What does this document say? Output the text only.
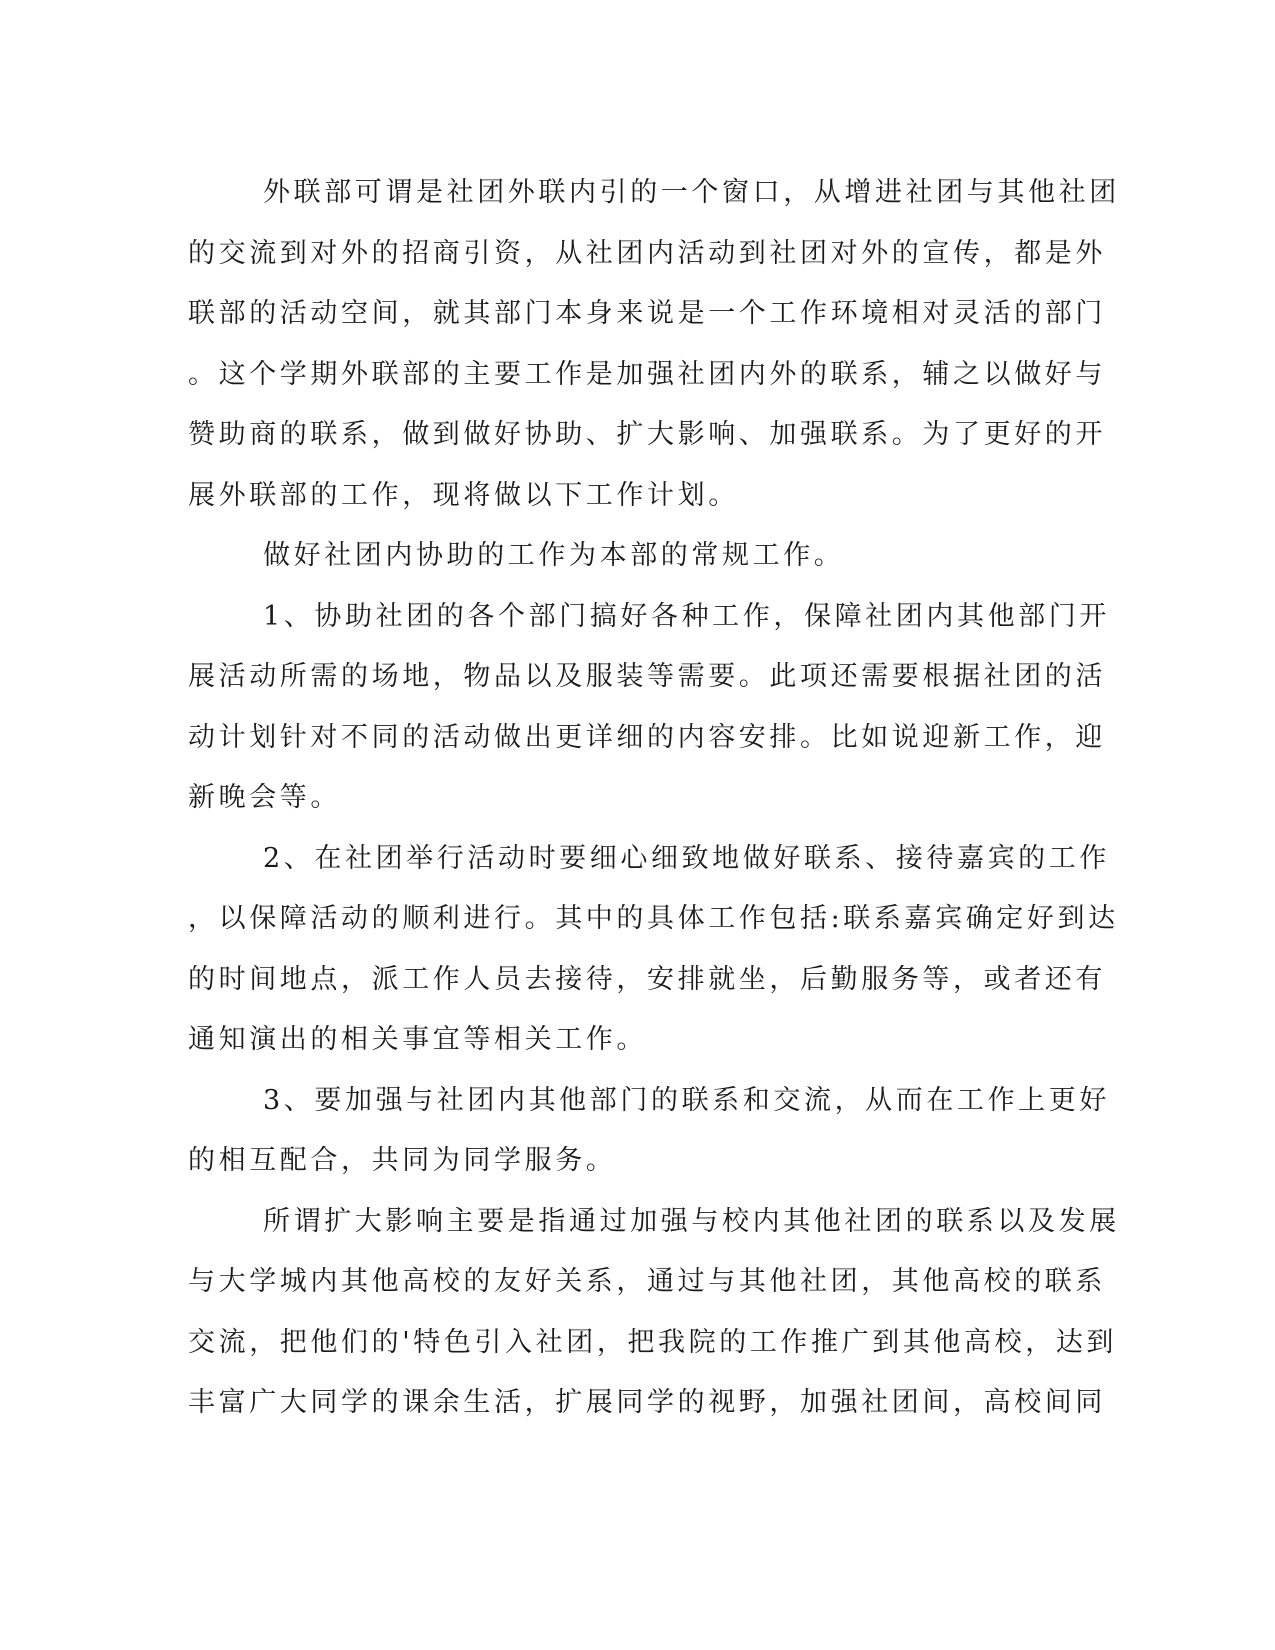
外联部可谓是社团外联内引的一个窗口，从增进社团与其他社团
的交流到对外的招商引资，从社团内活动到社团对外的宣传，都是外
联部的活动空间，就其部门本身来说是一个工作环境相对灵活的部门
。这个学期外联部的主要工作是加强社团内外的联系，辅之以做好与
赞助商的联系，做到做好协助、扩大影响、加强联系。为了更好的开
展外联部的工作，现将做以下工作计划。
做好社团内协助的工作为本部的常规工作。
1、协助社团的各个部门搞好各种工作，保障社团内其他部门开
展活动所需的场地，物品以及服装等需要。此项还需要根据社团的活
动计划针对不同的活动做出更详细的内容安排。比如说迎新工作，迎
新晚会等。
2、在社团举行活动时要细心细致地做好联系、接待嘉宾的工作
，以保障活动的顺利进行。其中的具体工作包括:联系嘉宾确定好到达
的时间地点，派工作人员去接待，安排就坐，后勤服务等，或者还有
通知演出的相关事宜等相关工作。
3、要加强与社团内其他部门的联系和交流，从而在工作上更好
的相互配合，共同为同学服务。
所谓扩大影响主要是指通过加强与校内其他社团的联系以及发展
与大学城内其他高校的友好关系，通过与其他社团，其他高校的联系
交流，把他们的'特色引入社团，把我院的工作推广到其他高校，达到
丰富广大同学的课余生活，扩展同学的视野，加强社团间，高校间同
